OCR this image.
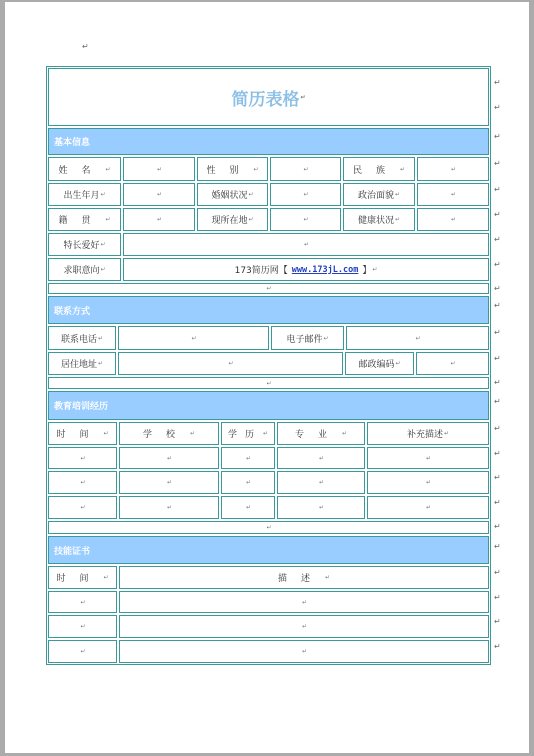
↵
简历表格 ↵
基本信息
姓名 ↵	↵	性别 ↵	↵	民族 ↵	↵
出生年月 ↵	↵	婚姻状况 ↵	↵	政治面貌 ↵	↵
籍贯 ↵	↵	现所在地 ↵	↵	健康状况 ↵	↵
特长爱好 ↵	↵
求职意向 ↵	173简历网【 www.173jL.com 】 ↵
↵
联系方式
联系电话 ↵	↵	电子邮件 ↵	↵
居住地址 ↵	↵	邮政编码 ↵	↵
↵
教育培训经历
时间 ↵	学校 ↵	学历 ↵	专业 ↵	补充描述 ↵
↵	↵	↵	↵	↵
↵	↵	↵	↵	↵
↵	↵	↵	↵	↵
↵
技能证书
时间 ↵	描述 ↵
↵	↵
↵	↵
↵	↵
↵
↵
↵
↵
↵
↵
↵
↵
↵
↵
↵
↵
↵
↵
↵
↵
↵
↵
↵
↵
↵
↵
↵
↵
